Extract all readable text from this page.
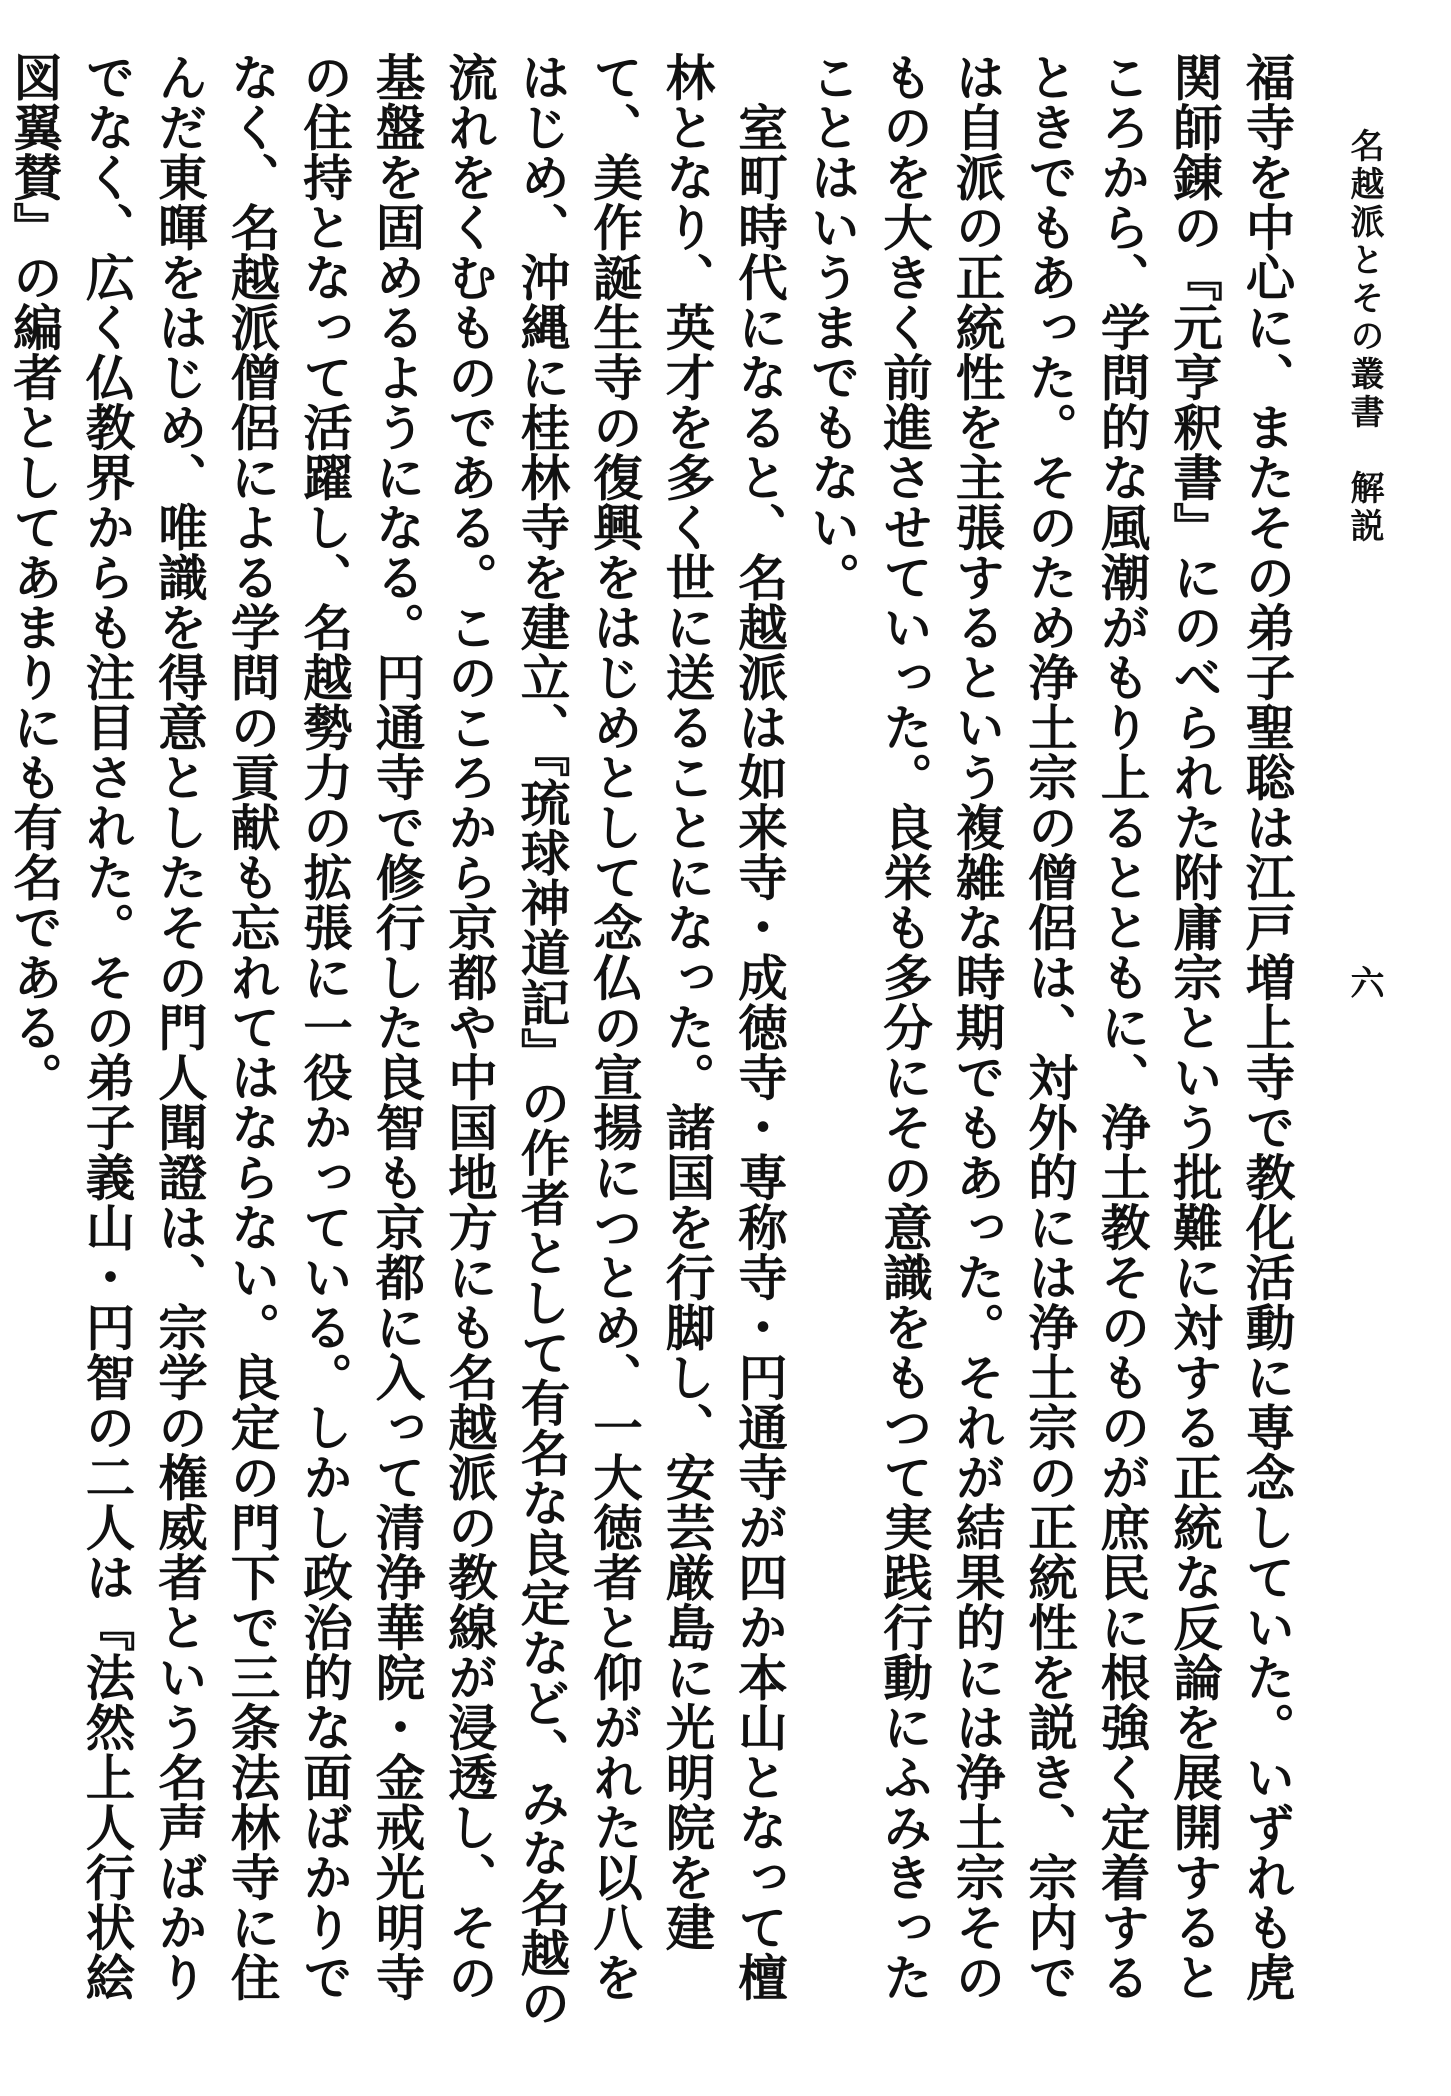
名越派とその叢書　解説
六

福寺を中心に、またその弟子聖聡は江戸増上寺で教化活動に専念していた。いずれも虎関師錬の『元亨釈書』にのべられた附庸宗という批難に対する正統な反論を展開するところから、学問的な風潮がもり上るとともに、浄土教そのものが庶民に根強く定着するときでもあった。そのため浄土宗の僧侶は、対外的には浄土宗の正統性を説き、宗内では自派の正統性を主張するという複雑な時期でもあった。それが結果的には浄土宗そのものを大きく前進させていった。良栄も多分にその意識をもつて実践行動にふみきったことはいうまでもない。

室町時代になると、名越派は如来寺・成徳寺・専称寺・円通寺が四か本山となって檀林となり、英才を多く世に送ることになった。諸国を行脚し、安芸厳島に光明院を建て、美作誕生寺の復興をはじめとして念仏の宣揚につとめ、一大徳者と仰がれた以八をはじめ、沖縄に桂林寺を建立、『琉球神道記』の作者として有名な良定など、みな名越の流れをくむものである。このころから京都や中国地方にも名越派の教線が浸透し、その基盤を固めるようになる。円通寺で修行した良智も京都に入って清浄華院・金戒光明寺の住持となって活躍し、名越勢力の拡張に一役かっている。しかし政治的な面ばかりでなく、名越派僧侶による学問の貢献も忘れてはならない。良定の門下で三条法林寺に住んだ東暉をはじめ、唯識を得意としたその門人聞證は、宗学の権威者という名声ばかりでなく、広く仏教界からも注目された。その弟子義山・円智の二人は『法然上人行状絵図翼賛』の編者としてあまりにも有名である。
